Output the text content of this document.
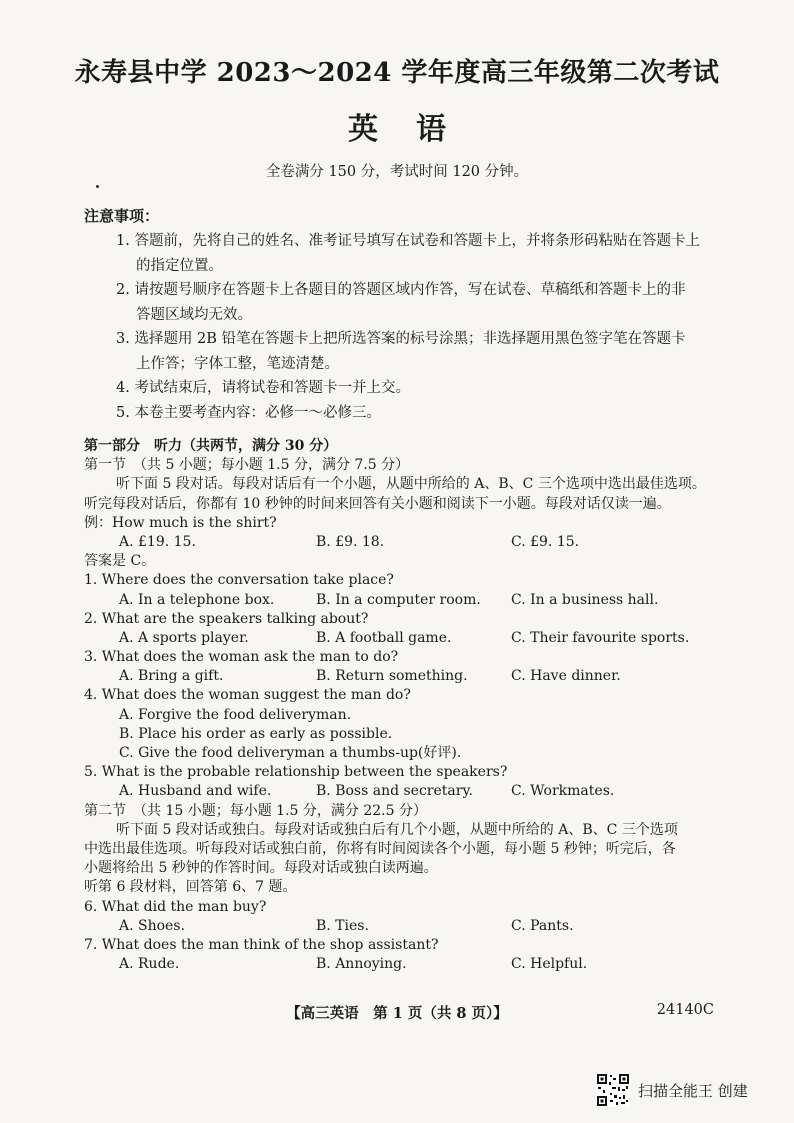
永寿县中学 2023～2024 学年度高三年级第二次考试
英语
全卷满分 150 分，考试时间 120 分钟。
注意事项：
1. 答题前，先将自己的姓名、准考证号填写在试卷和答题卡上，并将条形码粘贴在答题卡上
的指定位置。
2. 请按题号顺序在答题卡上各题目的答题区域内作答，写在试卷、草稿纸和答题卡上的非
答题区域均无效。
3. 选择题用 2B 铅笔在答题卡上把所选答案的标号涂黑；非选择题用黑色签字笔在答题卡
上作答；字体工整，笔迹清楚。
4. 考试结束后，请将试卷和答题卡一并上交。
5. 本卷主要考查内容：必修一～必修三。
第一部分　听力（共两节，满分 30 分）
第一节　（共 5 小题；每小题 1.5 分，满分 7.5 分）
听下面 5 段对话。每段对话后有一个小题，从题中所给的 A、B、C 三个选项中选出最佳选项。
听完每段对话后，你都有 10 秒钟的时间来回答有关小题和阅读下一小题。每段对话仅读一遍。
例：How much is the shirt?
A. £19. 15.	B. £9. 18.	C. £9. 15.
答案是 C。
1. Where does the conversation take place?
A. In a telephone box.	B. In a computer room.	C. In a business hall.
2. What are the speakers talking about?
A. A sports player.	B. A football game.	C. Their favourite sports.
3. What does the woman ask the man to do?
A. Bring a gift.	B. Return something.	C. Have dinner.
4. What does the woman suggest the man do?
A. Forgive the food deliveryman.
B. Place his order as early as possible.
C. Give the food deliveryman a thumbs-up(好评).
5. What is the probable relationship between the speakers?
A. Husband and wife.	B. Boss and secretary.	C. Workmates.
第二节　（共 15 小题；每小题 1.5 分，满分 22.5 分）
听下面 5 段对话或独白。每段对话或独白后有几个小题，从题中所给的 A、B、C 三个选项
中选出最佳选项。听每段对话或独白前，你将有时间阅读各个小题，每小题 5 秒钟；听完后，各
小题将给出 5 秒钟的作答时间。每段对话或独白读两遍。
听第 6 段材料，回答第 6、7 题。
6. What did the man buy?
A. Shoes.	B. Ties.	C. Pants.
7. What does the man think of the shop assistant?
A. Rude.	B. Annoying.	C. Helpful.
【高三英语　第 1 页（共 8 页）】	24140C
扫描全能王 创建
